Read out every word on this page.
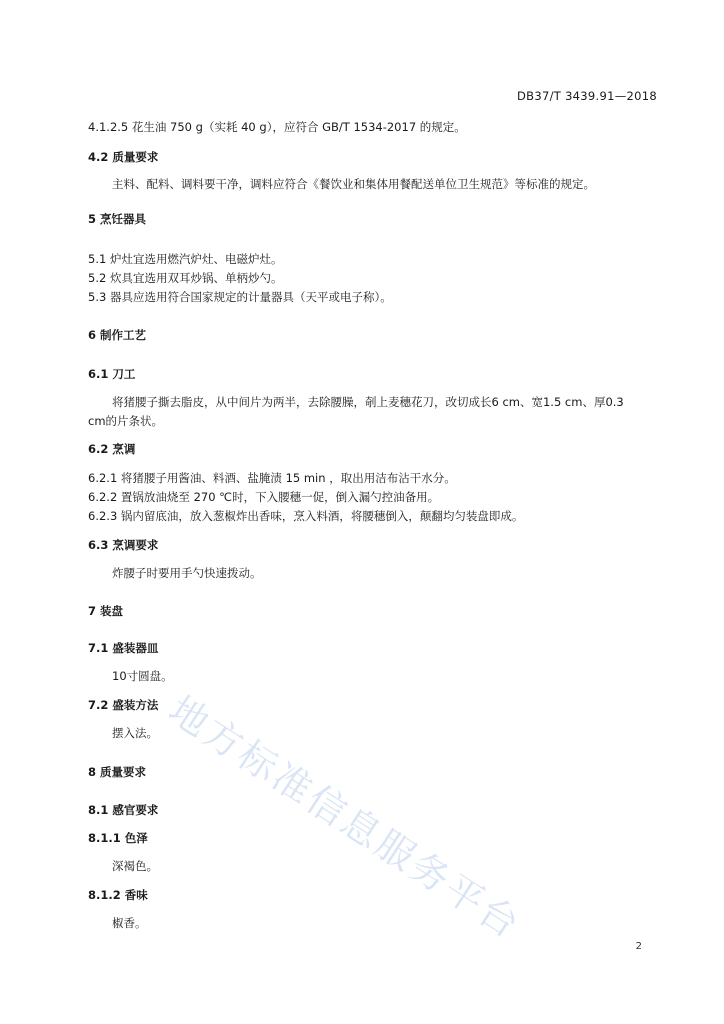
DB37/T 3439.91—2018
4.1.2.5 花生油 750 g（实耗 40 g），应符合 GB/T 1534-2017 的规定。
4.2 质量要求
主料、配料、调料要干净，调料应符合《餐饮业和集体用餐配送单位卫生规范》等标准的规定。
5 烹饪器具
5.1 炉灶宜选用燃汽炉灶、电磁炉灶。
5.2 炊具宜选用双耳炒锅、单柄炒勺。
5.3 器具应选用符合国家规定的计量器具（天平或电子称）。
6 制作工艺
6.1 刀工
将猪腰子撕去脂皮，从中间片为两半，去除腰臊，剞上麦穗花刀，改切成长6 cm、宽1.5 cm、厚0.3
cm的片条状。
6.2 烹调
6.2.1 将猪腰子用酱油、料酒、盐腌渍 15 min ，取出用洁布沾干水分。
6.2.2 置锅放油烧至 270 ℃时，下入腰穗一促，倒入漏勺控油备用。
6.2.3 锅内留底油，放入葱椒炸出香味，烹入料酒，将腰穗倒入，颠翻均匀装盘即成。
6.3 烹调要求
炸腰子时要用手勺快速拨动。
7 装盘
7.1 盛装器皿
10寸圆盘。
7.2 盛装方法
摆入法。
8 质量要求
8.1 感官要求
8.1.1 色泽
深褐色。
8.1.2 香味
椒香。
2
地方标准信息服务平台
